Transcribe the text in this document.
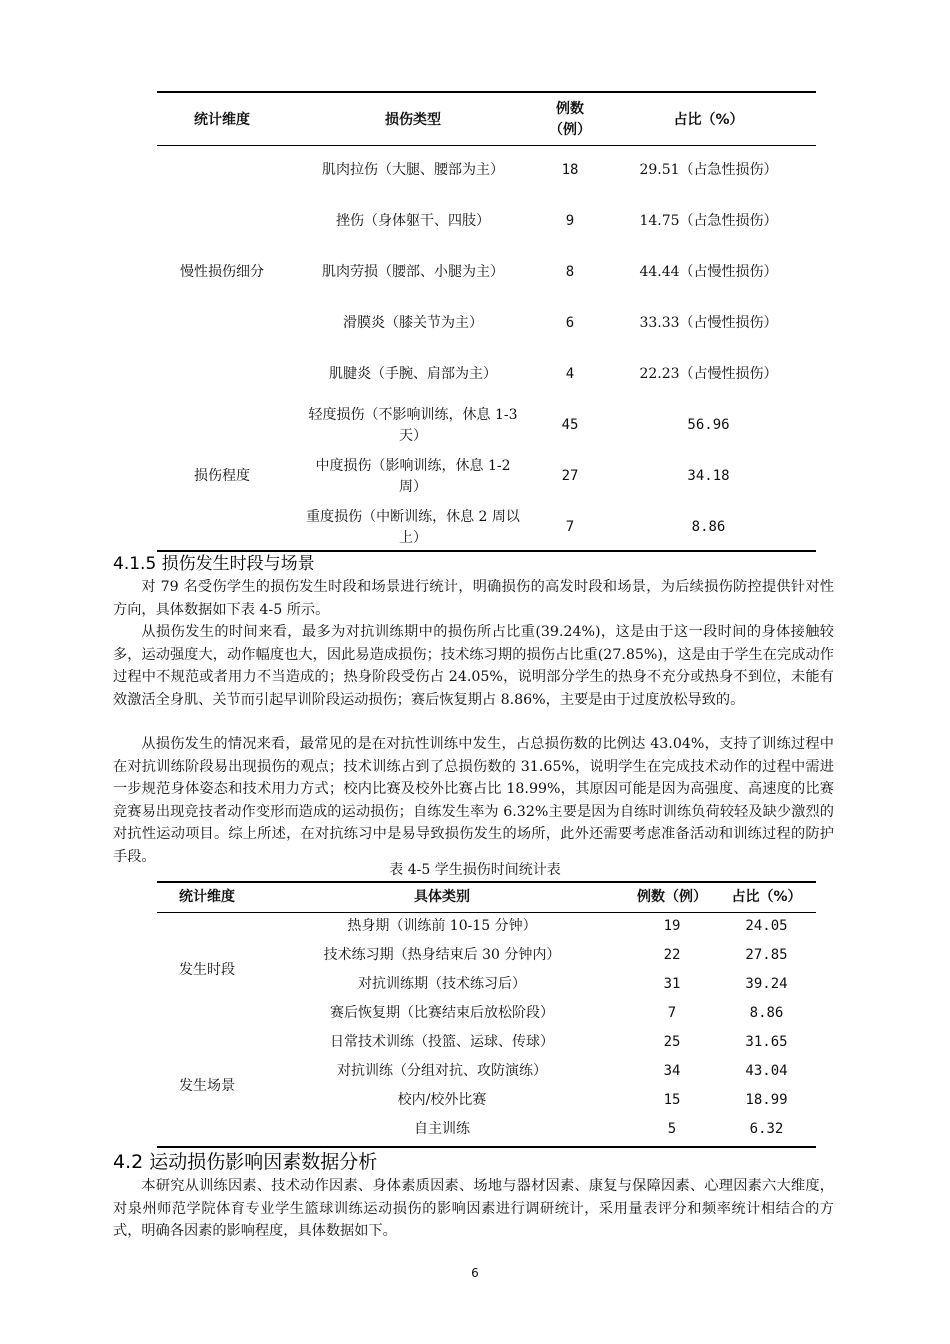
统计维度	损伤类型	例数（例）	占比（%）
慢性损伤细分	肌肉拉伤（大腿、腰部为主）	18	29.51（占急性损伤）

	挫伤（身体躯干、四肢）	9	14.75（占急性损伤）

	肌肉劳损（腰部、小腿为主）	8	44.44（占慢性损伤）

	滑膜炎（膝关节为主）	6	33.33（占慢性损伤）

	肌腱炎（手腕、肩部为主）	4	22.23（占慢性损伤）

损伤程度	轻度损伤（不影响训练，休息 1-3天）	45	56.96

	中度损伤（影响训练，休息 1-2周）	27	34.18

	重度损伤（中断训练，休息 2 周以上）	7	8.86
4.1.5 损伤发生时段与场景
对 79 名受伤学生的损伤发生时段和场景进行统计，明确损伤的高发时段和场景，为后续损伤防控提供针对性方向，具体数据如下表 4-5 所示。
从损伤发生的时间来看，最多为对抗训练期中的损伤所占比重(39.24%)，这是由于这一段时间的身体接触较多，运动强度大，动作幅度也大，因此易造成损伤；技术练习期的损伤占比重(27.85%)，这是由于学生在完成动作过程中不规范或者用力不当造成的；热身阶段受伤占 24.05%，说明部分学生的热身不充分或热身不到位，未能有效激活全身肌、关节而引起早训阶段运动损伤；赛后恢复期占 8.86%，主要是由于过度放松导致的。
从损伤发生的情况来看，最常见的是在对抗性训练中发生，占总损伤数的比例达 43.04%，支持了训练过程中在对抗训练阶段易出现损伤的观点；技术训练占到了总损伤数的 31.65%，说明学生在完成技术动作的过程中需进一步规范身体姿态和技术用力方式；校内比赛及校外比赛占比 18.99%，其原因可能是因为高强度、高速度的比赛竞赛易出现竞技者动作变形而造成的运动损伤；自练发生率为 6.32%主要是因为自练时训练负荷较轻及缺少激烈的对抗性运动项目。综上所述，在对抗练习中是易导致损伤发生的场所，此外还需要考虑准备活动和训练过程的防护手段。
表 4-5 学生损伤时间统计表
统计维度	具体类别	例数（例）	占比（%）
发生时段	热身期（训练前 10-15 分钟）	19	24.05
	技术练习期（热身结束后 30 分钟内）	22	27.85
	对抗训练期（技术练习后）	31	39.24
	赛后恢复期（比赛结束后放松阶段）	7	8.86
发生场景	日常技术训练（投篮、运球、传球）	25	31.65
	对抗训练（分组对抗、攻防演练）	34	43.04
	校内/校外比赛	15	18.99
	自主训练	5	6.32
4.2 运动损伤影响因素数据分析
本研究从训练因素、技术动作因素、身体素质因素、场地与器材因素、康复与保障因素、心理因素六大维度，对泉州师范学院体育专业学生篮球训练运动损伤的影响因素进行调研统计，采用量表评分和频率统计相结合的方式，明确各因素的影响程度，具体数据如下。
6
